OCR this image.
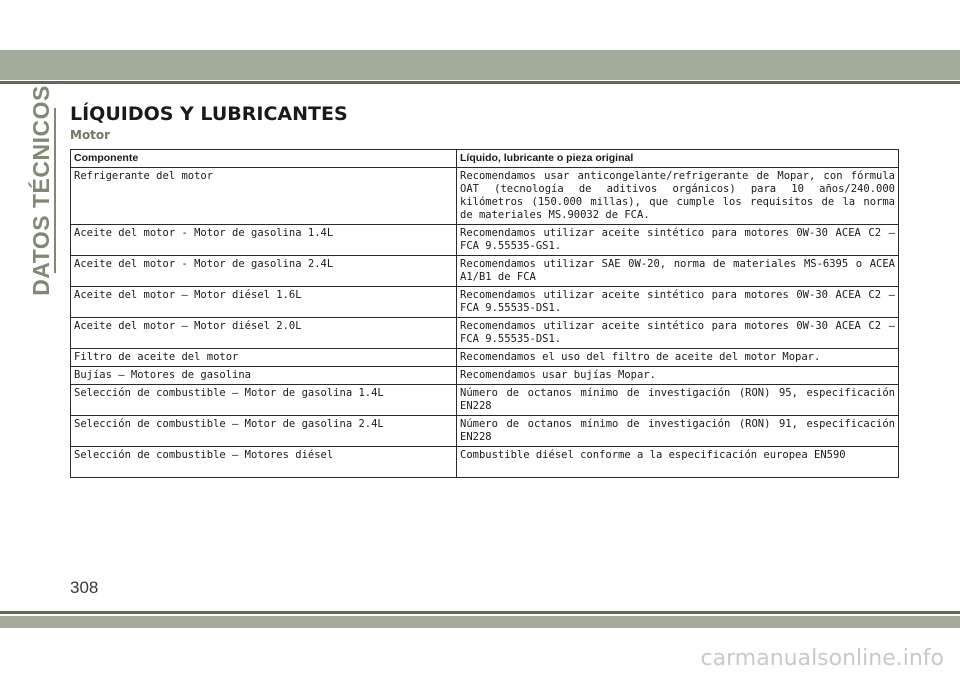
DATOS TÉCNICOS LÍQUIDOS Y LUBRICANTES
Motor
Componente	Líquido, lubricante o pieza original
Refrigerante del motor	Recomendamos usar anticongelante/refrigerante de Mopar, con fórmula OAT (tecnología de aditivos orgánicos) para 10 años/240.000 kilómetros (150.000 millas), que cumple los requisitos de la norma de materiales MS.90032 de FCA.
Aceite del motor - Motor de gasolina 1.4L	Recomendamos utilizar aceite sintético para motores 0W-30 ACEA C2 – FCA 9.55535-GS1.
Aceite del motor - Motor de gasolina 2.4L	Recomendamos utilizar SAE 0W-20, norma de materiales MS-6395 o ACEA A1/B1 de FCA
Aceite del motor – Motor diésel 1.6L	Recomendamos utilizar aceite sintético para motores 0W-30 ACEA C2 – FCA 9.55535-DS1.
Aceite del motor – Motor diésel 2.0L	Recomendamos utilizar aceite sintético para motores 0W-30 ACEA C2 – FCA 9.55535-DS1.
Filtro de aceite del motor	Recomendamos el uso del filtro de aceite del motor Mopar.
Bujías – Motores de gasolina	Recomendamos usar bujías Mopar.
Selección de combustible – Motor de gasolina 1.4L	Número de octanos mínimo de investigación (RON) 95, especificación EN228
Selección de combustible – Motor de gasolina 2.4L	Número de octanos mínimo de investigación (RON) 91, especificación EN228
Selección de combustible – Motores diésel	Combustible diésel conforme a la especificación europea EN590
308
carmanualsonline.info
